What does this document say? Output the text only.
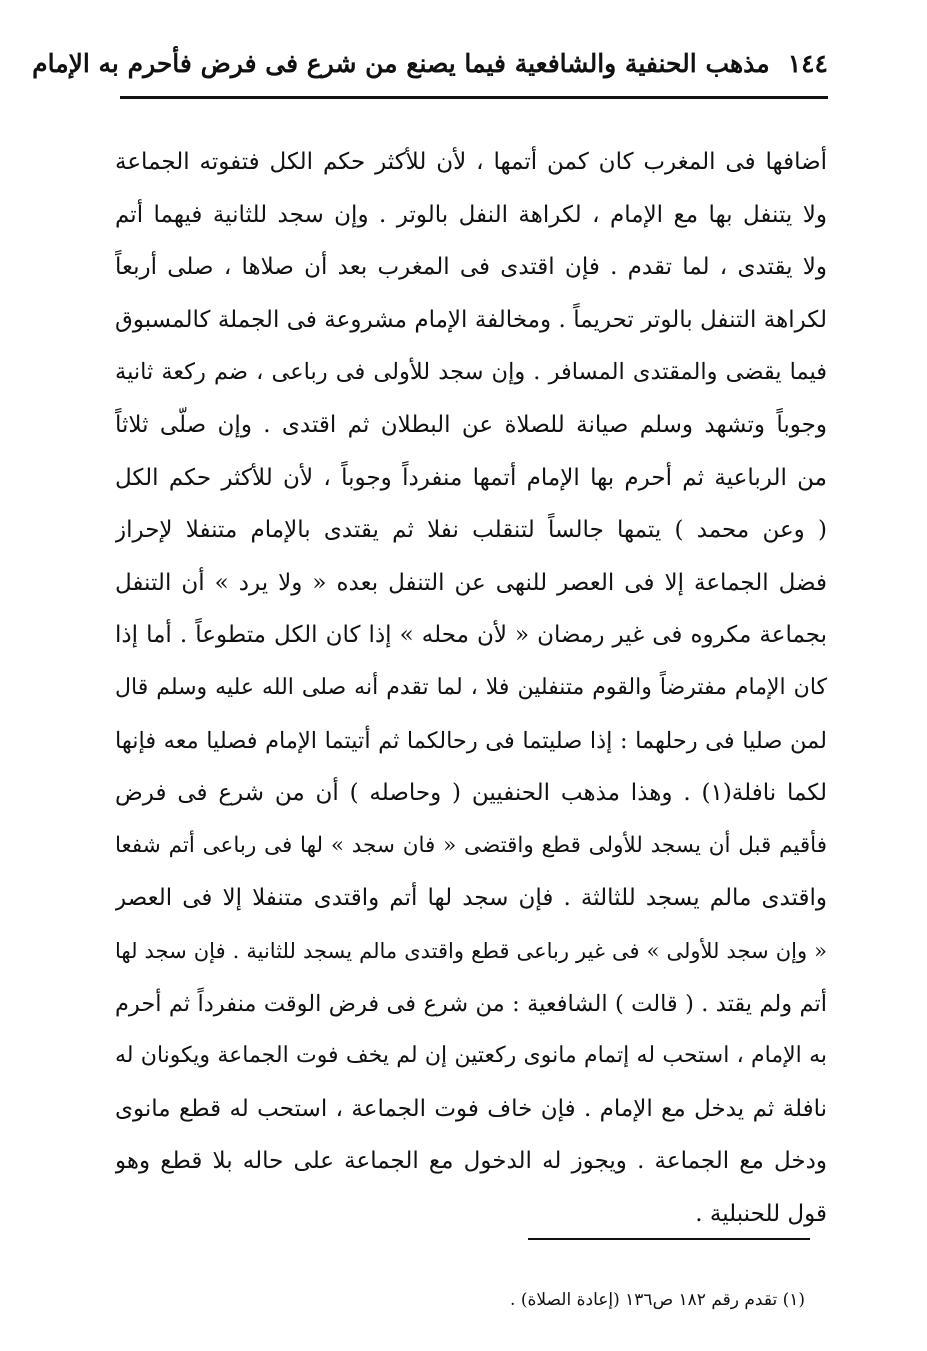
١٤٤
مذهب الحنفية والشافعية فيما يصنع من شرع فى فرض فأحرم به الإمام
أضافها فى المغرب كان كمن أتمها ، لأن للأكثر حكم الكل فتفوته الجماعة
ولا يتنفل بها مع الإمام ، لكراهة النفل بالوتر . وإن سجد للثانية فيهما أتم
ولا يقتدى ، لما تقدم . فإن اقتدى فى المغرب بعد أن صلاها ، صلى أربعاً
لكراهة التنفل بالوتر تحريماً . ومخالفة الإمام مشروعة فى الجملة كالمسبوق
فيما يقضى والمقتدى المسافر . وإن سجد للأولى فى رباعى ، ضم ركعة ثانية
وجوباً وتشهد وسلم صيانة للصلاة عن البطلان ثم اقتدى . وإن صلّى ثلاثاً
من الرباعية ثم أحرم بها الإمام أتمها منفرداً وجوباً ، لأن للأكثر حكم الكل
( وعن محمد ) يتمها جالساً لتنقلب نفلا ثم يقتدى بالإمام متنفلا لإحراز
فضل الجماعة إلا فى العصر للنهى عن التنفل بعده « ولا يرد » أن التنفل
بجماعة مكروه فى غير رمضان « لأن محله » إذا كان الكل متطوعاً . أما إذا
كان الإمام مفترضاً والقوم متنفلين فلا ، لما تقدم أنه صلى الله عليه وسلم قال
لمن صليا فى رحلهما : إذا صليتما فى رحالكما ثم أتيتما الإمام فصليا معه فإنها
لكما نافلة(١) . وهذا مذهب الحنفيين ( وحاصله ) أن من شرع فى فرض
فأقيم قبل أن يسجد للأولى قطع واقتضى « فان سجد » لها فى رباعى أتم شفعا
واقتدى مالم يسجد للثالثة . فإن سجد لها أتم واقتدى متنفلا إلا فى العصر
« وإن سجد للأولى » فى غير رباعى قطع واقتدى مالم يسجد للثانية . فإن سجد لها
أتم ولم يقتد . ( قالت ) الشافعية : من شرع فى فرض الوقت منفرداً ثم أحرم
به الإمام ، استحب له إتمام مانوى ركعتين إن لم يخف فوت الجماعة ويكونان له
نافلة ثم يدخل مع الإمام . فإن خاف فوت الجماعة ، استحب له قطع مانوى
ودخل مع الجماعة . ويجوز له الدخول مع الجماعة على حاله بلا قطع وهو
قول للحنبلية .
(١) تقدم رقم ١٨٢ ص١٣٦ (إعادة الصلاة) .
